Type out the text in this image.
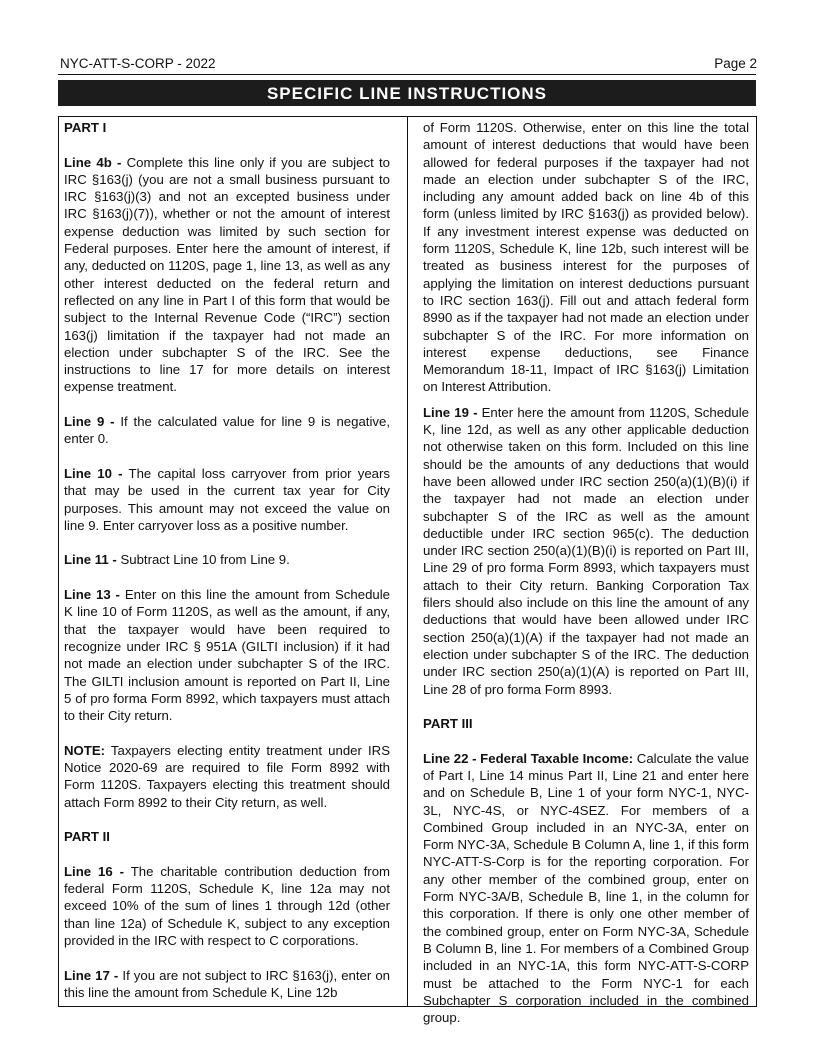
NYC-ATT-S-CORP - 2022	Page 2
SPECIFIC LINE INSTRUCTIONS
PART I

Line 4b - Complete this line only if you are subject to IRC §163(j) (you are not a small business pursuant to IRC §163(j)(3) and not an excepted business under IRC §163(j)(7)), whether or not the amount of interest expense deduction was limited by such section for Federal purposes. Enter here the amount of interest, if any, deducted on 1120S, page 1, line 13, as well as any other interest deducted on the federal return and reflected on any line in Part I of this form that would be subject to the Internal Revenue Code (“IRC”) section 163(j) limitation if the taxpayer had not made an election under subchapter S of the IRC. See the instructions to line 17 for more details on interest expense treatment.

Line 9 - If the calculated value for line 9 is negative, enter 0.

Line 10 - The capital loss carryover from prior years that may be used in the current tax year for City purposes. This amount may not exceed the value on line 9. Enter carryover loss as a positive number.

Line 11 - Subtract Line 10 from Line 9.

Line 13 - Enter on this line the amount from Schedule K line 10 of Form 1120S, as well as the amount, if any, that the taxpayer would have been required to recognize under IRC § 951A (GILTI inclusion) if it had not made an election under subchapter S of the IRC. The GILTI inclusion amount is reported on Part II, Line 5 of pro forma Form 8992, which taxpayers must attach to their City return.

NOTE: Taxpayers electing entity treatment under IRS Notice 2020-69 are required to file Form 8992 with Form 1120S. Taxpayers electing this treatment should attach Form 8992 to their City return, as well.

PART II

Line 16 - The charitable contribution deduction from federal Form 1120S, Schedule K, line 12a may not exceed 10% of the sum of lines 1 through 12d (other than line 12a) of Schedule K, subject to any exception provided in the IRC with respect to C corporations.

Line 17 - If you are not subject to IRC §163(j), enter on this line the amount from Schedule K, Line 12b

of Form 1120S. Otherwise, enter on this line the total amount of interest deductions that would have been allowed for federal purposes if the taxpayer had not made an election under subchapter S of the IRC, including any amount added back on line 4b of this form (unless limited by IRC §163(j) as provided below). If any investment interest expense was deducted on form 1120S, Schedule K, line 12b, such interest will be treated as business interest for the purposes of applying the limitation on interest deductions pursuant to IRC section 163(j). Fill out and attach federal form 8990 as if the taxpayer had not made an election under subchapter S of the IRC. For more information on interest expense deductions, see Finance Memorandum 18-11, Impact of IRC §163(j) Limitation on Interest Attribution.

Line 19 - Enter here the amount from 1120S, Schedule K, line 12d, as well as any other applicable deduction not otherwise taken on this form. Included on this line should be the amounts of any deductions that would have been allowed under IRC section 250(a)(1)(B)(i) if the taxpayer had not made an election under subchapter S of the IRC as well as the amount deductible under IRC section 965(c). The deduction under IRC section 250(a)(1)(B)(i) is reported on Part III, Line 29 of pro forma Form 8993, which taxpayers must attach to their City return. Banking Corporation Tax filers should also include on this line the amount of any deductions that would have been allowed under IRC section 250(a)(1)(A) if the taxpayer had not made an election under subchapter S of the IRC. The deduction under IRC section 250(a)(1)(A) is reported on Part III, Line 28 of pro forma Form 8993.

PART III

Line 22 - Federal Taxable Income: Calculate the value of Part I, Line 14 minus Part II, Line 21 and enter here and on Schedule B, Line 1 of your form NYC-1, NYC-3L, NYC-4S, or NYC-4SEZ. For members of a Combined Group included in an NYC-3A, enter on Form NYC-3A, Schedule B Column A, line 1, if this form NYC-ATT-S-Corp is for the reporting corporation. For any other member of the combined group, enter on Form NYC-3A/B, Schedule B, line 1, in the column for this corporation. If there is only one other member of the combined group, enter on Form NYC-3A, Schedule B Column B, line 1. For members of a Combined Group included in an NYC-1A, this form NYC-ATT-S-CORP must be attached to the Form NYC-1 for each Subchapter S corporation included in the combined group.
